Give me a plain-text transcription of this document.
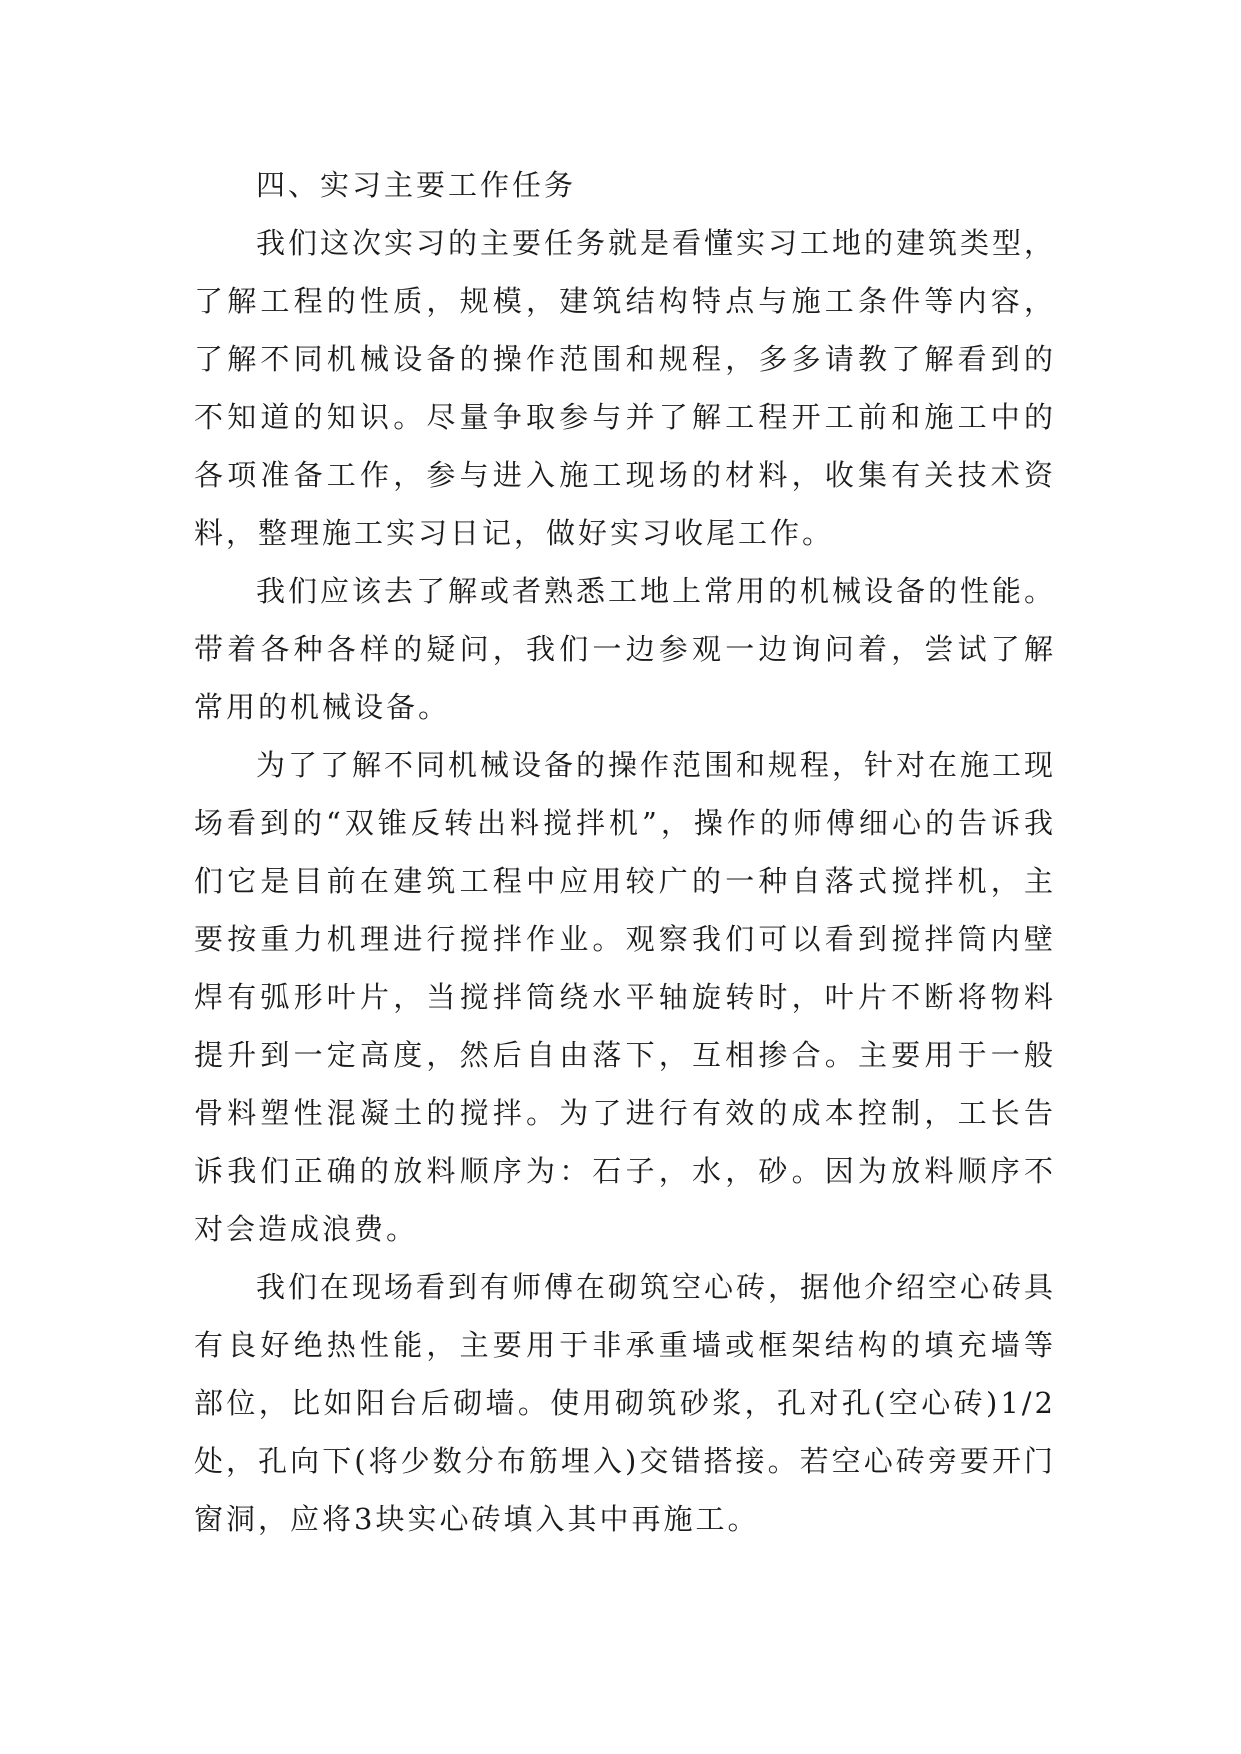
四、实习主要工作任务

我们这次实习的主要任务就是看懂实习工地的建筑类型，了解工程的性质，规模，建筑结构特点与施工条件等内容，了解不同机械设备的操作范围和规程，多多请教了解看到的不知道的知识。尽量争取参与并了解工程开工前和施工中的各项准备工作，参与进入施工现场的材料，收集有关技术资料，整理施工实习日记，做好实习收尾工作。

我们应该去了解或者熟悉工地上常用的机械设备的性能。带着各种各样的疑问，我们一边参观一边询问着，尝试了解常用的机械设备。

为了了解不同机械设备的操作范围和规程，针对在施工现场看到的“双锥反转出料搅拌机”，操作的师傅细心的告诉我们它是目前在建筑工程中应用较广的一种自落式搅拌机，主要按重力机理进行搅拌作业。观察我们可以看到搅拌筒内壁焊有弧形叶片，当搅拌筒绕水平轴旋转时，叶片不断将物料提升到一定高度，然后自由落下，互相掺合。主要用于一般骨料塑性混凝土的搅拌。为了进行有效的成本控制，工长告诉我们正确的放料顺序为：石子，水，砂。因为放料顺序不对会造成浪费。

我们在现场看到有师傅在砌筑空心砖，据他介绍空心砖具有良好绝热性能，主要用于非承重墙或框架结构的填充墙等部位，比如阳台后砌墙。使用砌筑砂浆，孔对孔(空心砖)1/2处，孔向下(将少数分布筋埋入)交错搭接。若空心砖旁要开门窗洞，应将3块实心砖填入其中再施工。
